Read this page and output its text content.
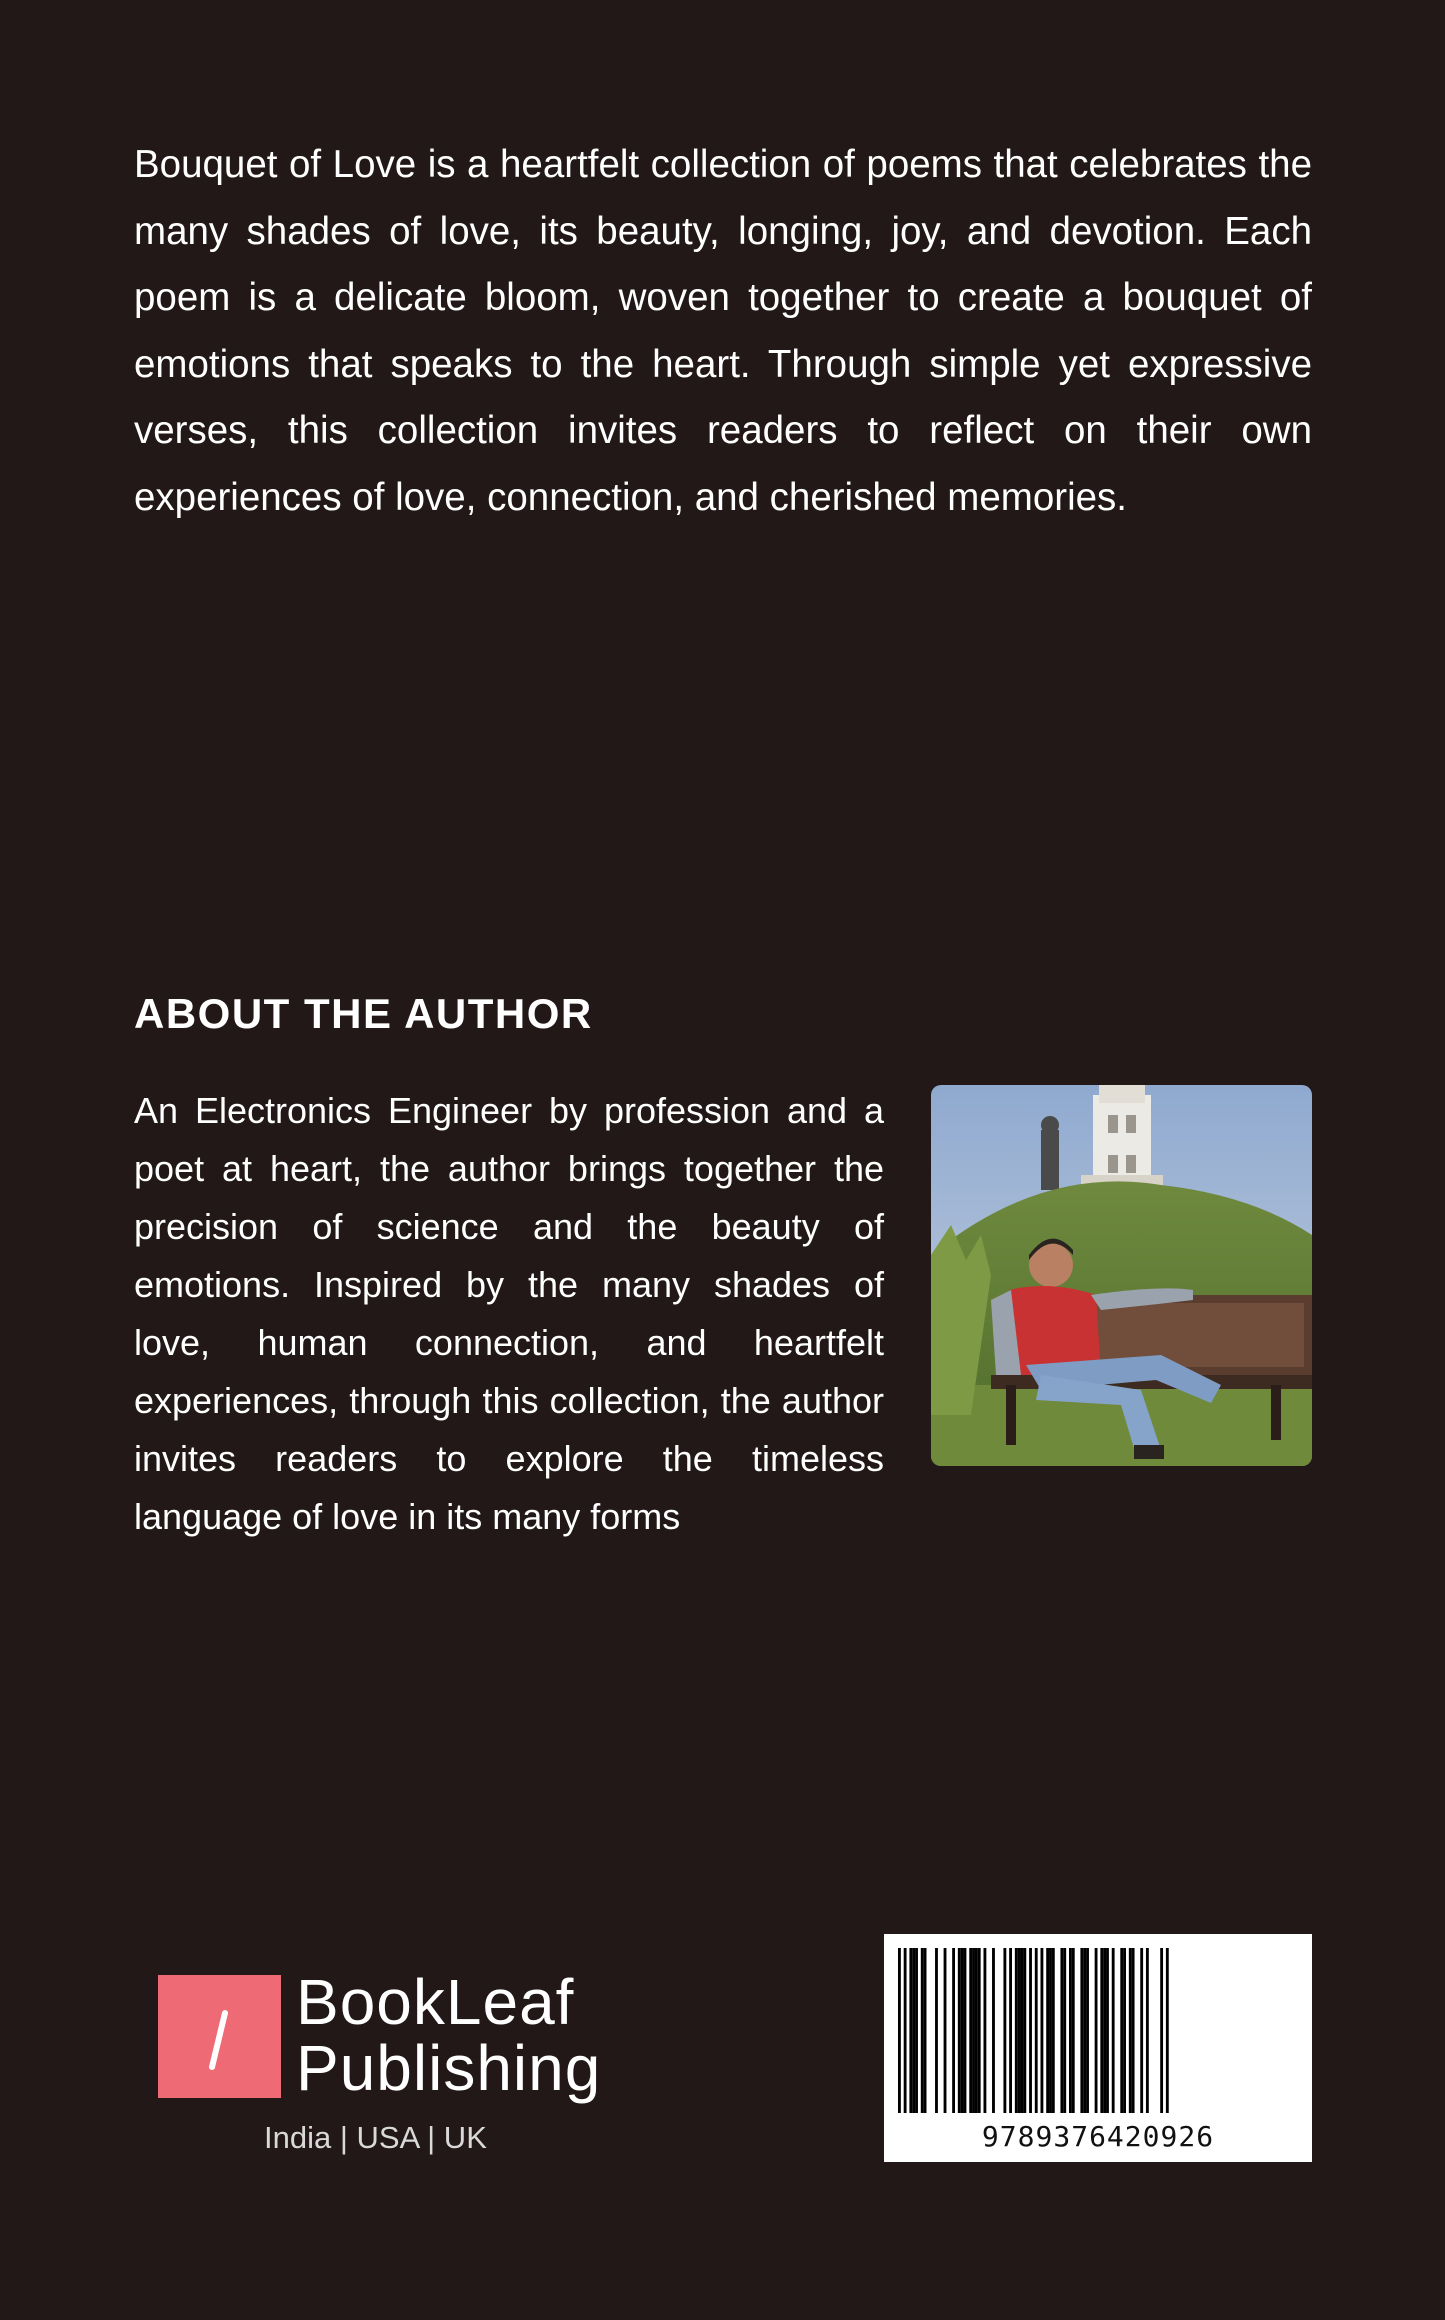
Bouquet of Love is a heartfelt collection of poems that celebrates the many shades of love, its beauty, longing, joy, and devotion. Each poem is a delicate bloom, woven together to create a bouquet of emotions that speaks to the heart. Through simple yet expressive verses, this collection invites readers to reflect on their own experiences of love, connection, and cherished memories.

ABOUT THE AUTHOR

An Electronics Engineer by profession and a poet at heart, the author brings together the precision of science and the beauty of emotions. Inspired by the many shades of love, human connection, and heartfelt experiences, through this collection, the author invites readers to explore the timeless language of love in its many forms

BookLeaf
Publishing
India | USA | UK	9789376420926
